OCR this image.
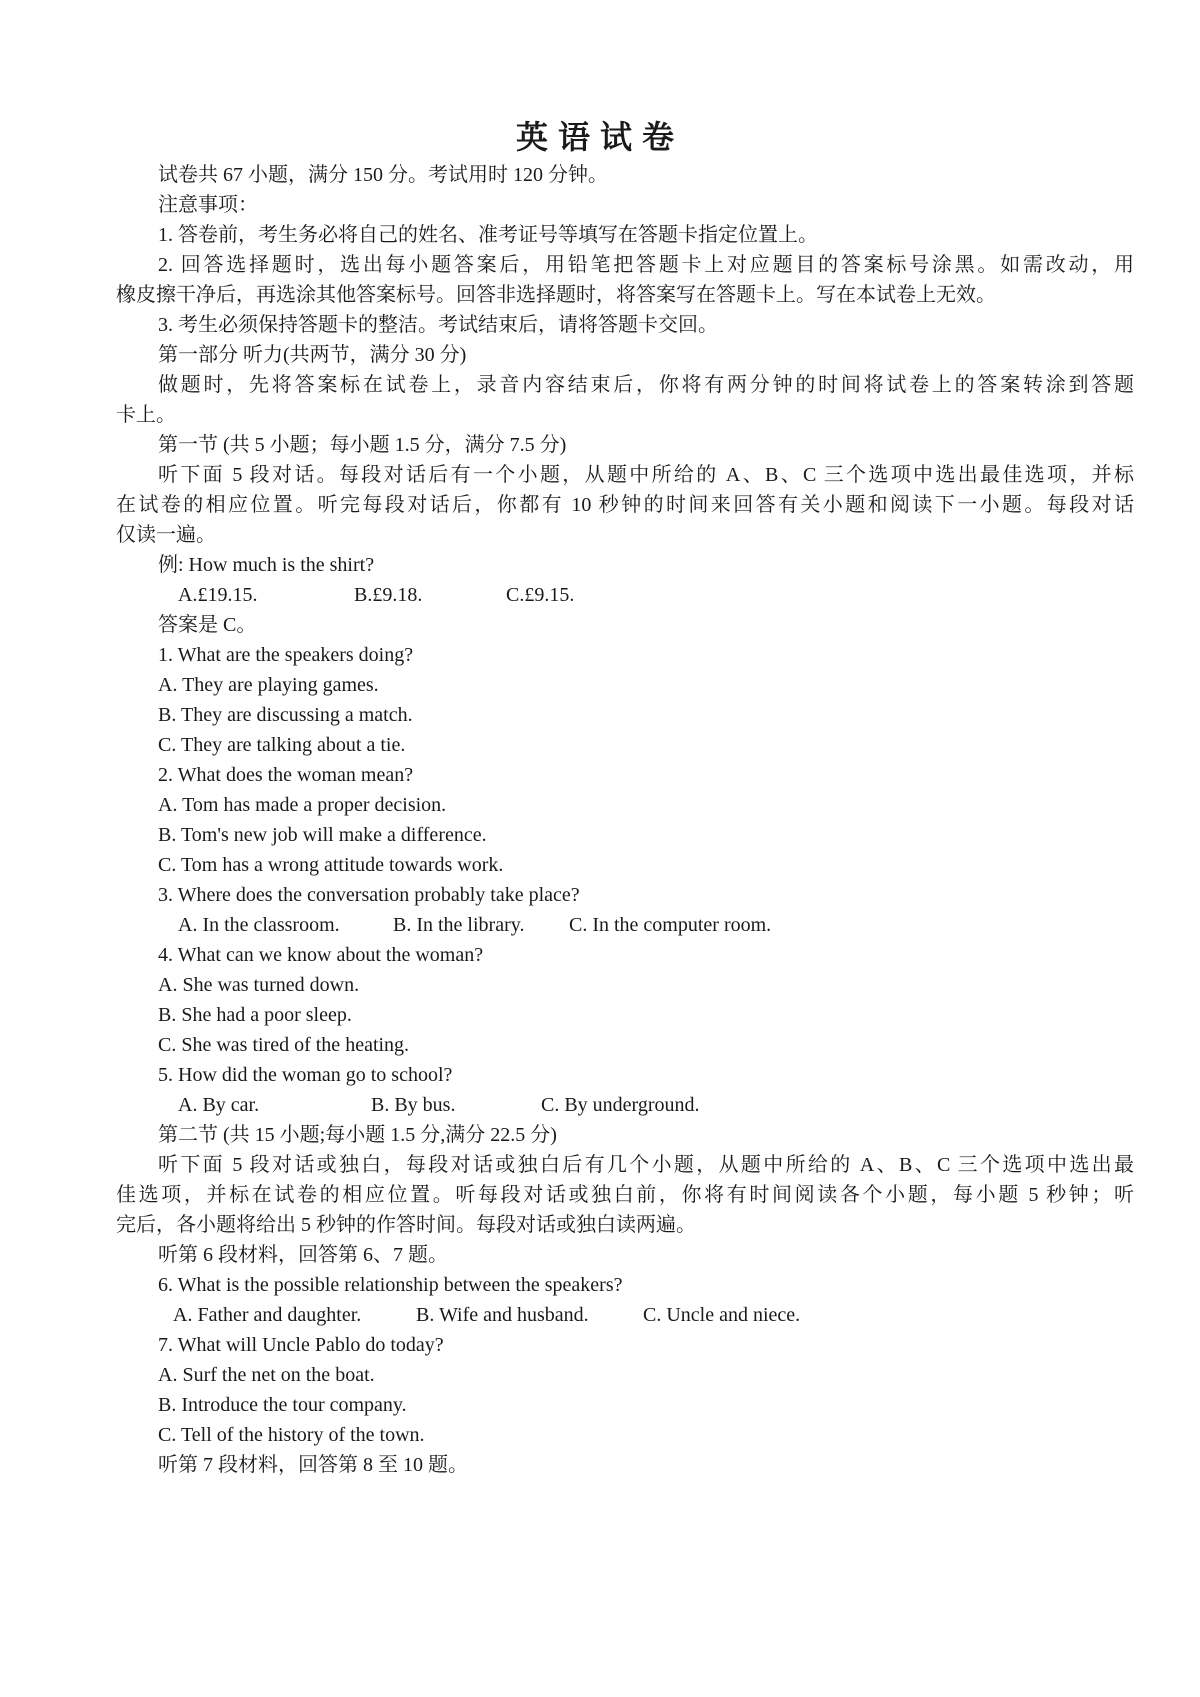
英语试卷
试卷共 67 小题，满分 150 分。考试用时 120 分钟。
注意事项：
1. 答卷前，考生务必将自己的姓名、准考证号等填写在答题卡指定位置上。
2. 回答选择题时，选出每小题答案后，用铅笔把答题卡上对应题目的答案标号涂黑。如需改动，用
橡皮擦干净后，再选涂其他答案标号。回答非选择题时，将答案写在答题卡上。写在本试卷上无效。
3. 考生必须保持答题卡的整洁。考试结束后，请将答题卡交回。
第一部分 听力(共两节，满分 30 分)
做题时，先将答案标在试卷上，录音内容结束后，你将有两分钟的时间将试卷上的答案转涂到答题
卡上。
第一节 (共 5 小题；每小题 1.5 分，满分 7.5 分)
听下面 5 段对话。每段对话后有一个小题，从题中所给的 A、B、C 三个选项中选出最佳选项，并标
在试卷的相应位置。听完每段对话后，你都有 10 秒钟的时间来回答有关小题和阅读下一小题。每段对话
仅读一遍。
例: How much is the shirt?
A.£19.15.	B.£9.18.	C.£9.15.
答案是 C。
1. What are the speakers doing?
A. They are playing games.
B. They are discussing a match.
C. They are talking about a tie.
2. What does the woman mean?
A. Tom has made a proper decision.
B. Tom's new job will make a difference.
C. Tom has a wrong attitude towards work.
3. Where does the conversation probably take place?
A. In the classroom.	B. In the library. C. In the computer room.
4. What can we know about the woman?
A. She was turned down.
B. She had a poor sleep.
C. She was tired of the heating.
5. How did the woman go to school?
A. By car.	B. By bus.	C. By underground.
第二节 (共 15 小题;每小题 1.5 分,满分 22.5 分)
听下面 5 段对话或独白，每段对话或独白后有几个小题，从题中所给的 A、B、C 三个选项中选出最
佳选项，并标在试卷的相应位置。听每段对话或独白前，你将有时间阅读各个小题，每小题 5 秒钟；听
完后，各小题将给出 5 秒钟的作答时间。每段对话或独白读两遍。
听第 6 段材料，回答第 6、7 题。
6. What is the possible relationship between the speakers?
A. Father and daughter.	B. Wife and husband.	C. Uncle and niece.
7. What will Uncle Pablo do today?
A. Surf the net on the boat.
B. Introduce the tour company.
C. Tell of the history of the town.
听第 7 段材料，回答第 8 至 10 题。
